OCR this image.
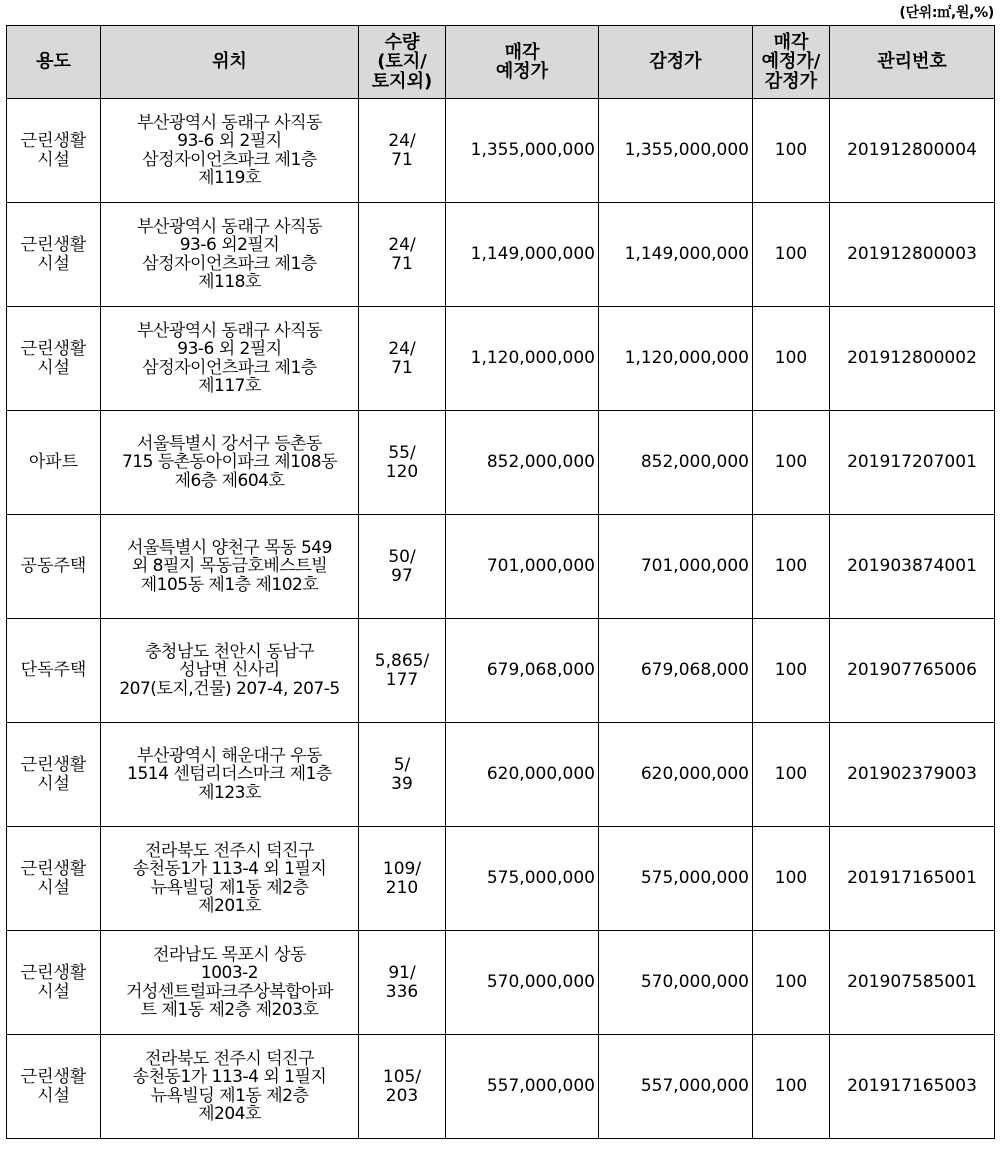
(단위:㎡,원,%)
용도	위치	수량
(토지/
토지외)	매각
예정가	감정가	매각
예정가/
감정가	관리번호

근린생활
시설	부산광역시 동래구 사직동
93-6 외 2필지
삼정자이언츠파크 제1층
제119호	24/
71	1,355,000,000	1,355,000,000	100	201912800004

근린생활
시설	부산광역시 동래구 사직동
93-6 외2필지
삼정자이언츠파크 제1층
제118호	24/
71	1,149,000,000	1,149,000,000	100	201912800003

근린생활
시설	부산광역시 동래구 사직동
93-6 외 2필지
삼정자이언츠파크 제1층
제117호	24/
71	1,120,000,000	1,120,000,000	100	201912800002

아파트	서울특별시 강서구 등촌동
715 등촌동아이파크 제108동
제6층 제604호	55/
120	852,000,000	852,000,000	100	201917207001

공동주택	서울특별시 양천구 목동 549
외 8필지 목동금호베스트빌
제105동 제1층 제102호	50/
97	701,000,000	701,000,000	100	201903874001

단독주택	충청남도 천안시 동남구
성남면 신사리
207(토지,건물) 207-4, 207-5	5,865/
177	679,068,000	679,068,000	100	201907765006

근린생활
시설	부산광역시 해운대구 우동
1514 센텀리더스마크 제1층
제123호	5/
39	620,000,000	620,000,000	100	201902379003

근린생활
시설	전라북도 전주시 덕진구
송천동1가 113-4 외 1필지
뉴욕빌딩 제1동 제2층
제201호	109/
210	575,000,000	575,000,000	100	201917165001

근린생활
시설	전라남도 목포시 상동
1003-2
거성센트럴파크주상복합아파
트 제1동 제2층 제203호	91/
336	570,000,000	570,000,000	100	201907585001

근린생활
시설	전라북도 전주시 덕진구
송천동1가 113-4 외 1필지
뉴욕빌딩 제1동 제2층
제204호	105/
203	557,000,000	557,000,000	100	201917165003
